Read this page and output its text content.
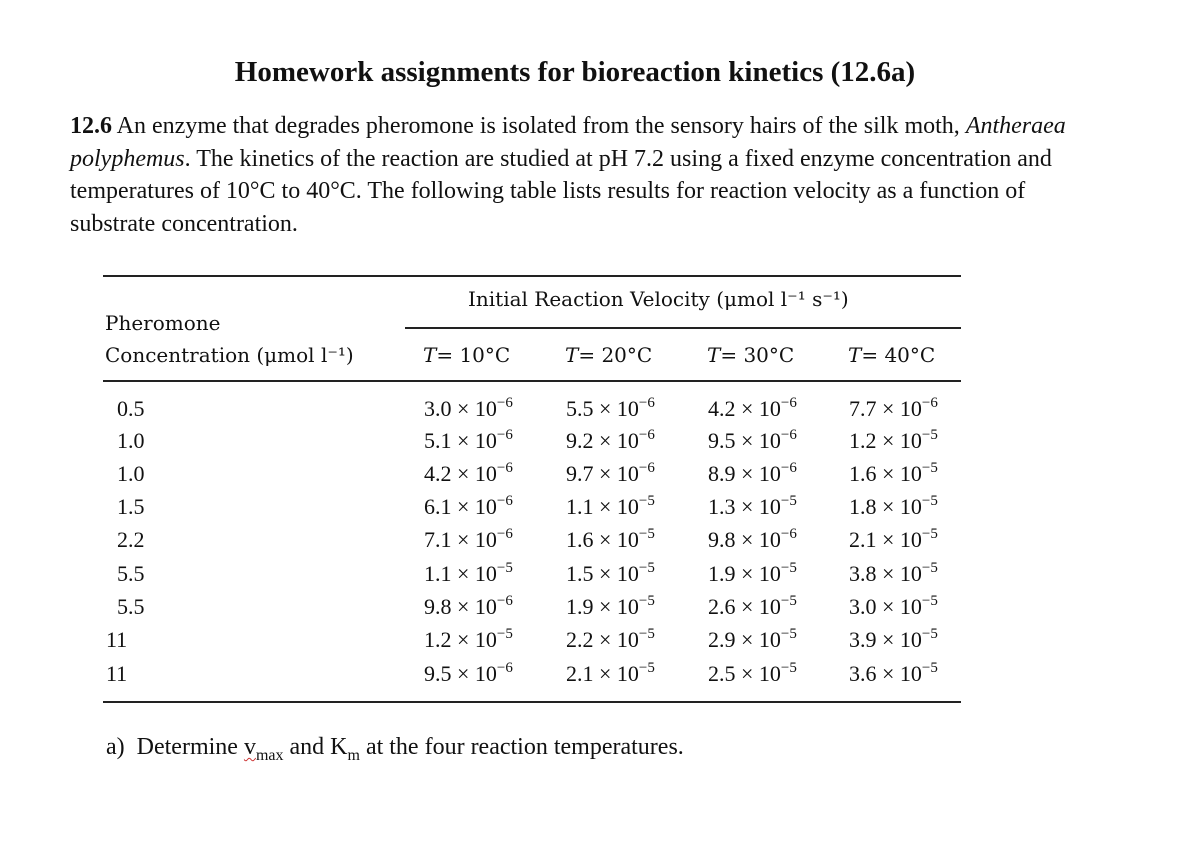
Homework assignments for bioreaction kinetics (12.6a)
12.6 An enzyme that degrades pheromone is isolated from the sensory hairs of the silk moth, Antheraea polyphemus. The kinetics of the reaction are studied at pH 7.2 using a fixed enzyme concentration and temperatures of 10°C to 40°C. The following table lists results for reaction velocity as a function of substrate concentration.
Initial Reaction Velocity (μmol l⁻¹ s⁻¹)
Pheromone
Concentration (μmol l⁻¹)	T= 10°C	T= 20°C	T= 30°C	T= 40°C
0.5	$3.0 \times 10^{-6}$ $5.5 \times 10^{-6}$ $4.2 \times 10^{-6}$ $7.7 \times 10^{-6}$
1.0	$5.1 \times 10^{-6}$ $9.2 \times 10^{-6}$ $9.5 \times 10^{-6}$ $1.2 \times 10^{-5}$
1.0	$4.2 \times 10^{-6}$ $9.7 \times 10^{-6}$ $8.9 \times 10^{-6}$ $1.6 \times 10^{-5}$
1.5	$6.1 \times 10^{-6}$ $1.1 \times 10^{-5}$ $1.3 \times 10^{-5}$ $1.8 \times 10^{-5}$
2.2	$7.1 \times 10^{-6}$ $1.6 \times 10^{-5}$ $9.8 \times 10^{-6}$ $2.1 \times 10^{-5}$
5.5	$1.1 \times 10^{-5}$ $1.5 \times 10^{-5}$ $1.9 \times 10^{-5}$ $3.8 \times 10^{-5}$
5.5	$9.8 \times 10^{-6}$ $1.9 \times 10^{-5}$ $2.6 \times 10^{-5}$ $3.0 \times 10^{-5}$
11	$1.2 \times 10^{-5}$ $2.2 \times 10^{-5}$ $2.9 \times 10^{-5}$ $3.9 \times 10^{-5}$
11	$9.5 \times 10^{-6}$ $2.1 \times 10^{-5}$ $2.5 \times 10^{-5}$ $3.6 \times 10^{-5}$
a) Determine $v_{max}$ and $K_m$ at the four reaction temperatures.
